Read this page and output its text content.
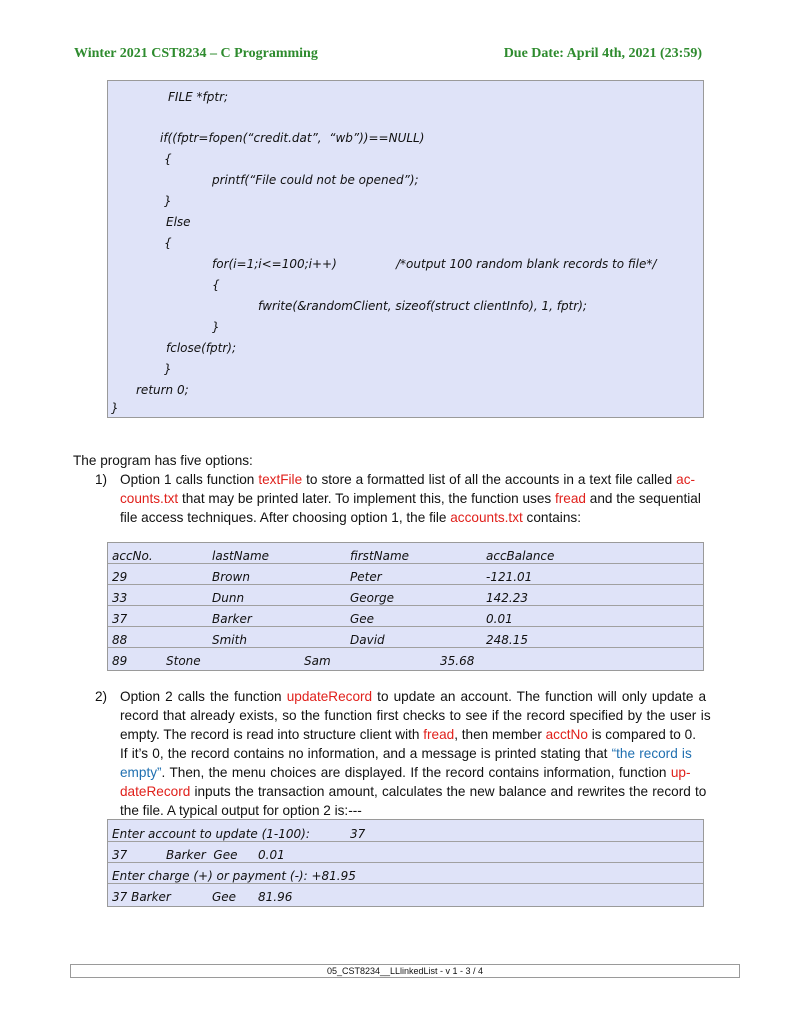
Winter 2021 CST8234 – C Programming	Due Date: April 4th, 2021 (23:59)
FILE *fptr;
if((fptr=fopen(“credit.dat”,  “wb”))==NULL)
{
printf(“File could not be opened”);
}
Else
{
for(i=1;i<=100;i++)	/*output 100 random blank records to file*/
{
fwrite(&randomClient, sizeof(struct clientInfo), 1, fptr);
}
fclose(fptr);
}
return 0;
}
The program has five options:
1) Option 1 calls function textFile to store a formatted list of all the accounts in a text file called ac-
counts.txt that may be printed later. To implement this, the function uses fread and the sequential
file access techniques. After choosing option 1, the file accounts.txt contains:
accNo.	lastName	firstName	accBalance
29	Brown	Peter	-121.01
33	Dunn	George	142.23
37	Barker	Gee	0.01
88	Smith	David	248.15
89	Stone	Sam	35.68
2) Option 2 calls the function updateRecord to update an account. The function will only update a
record that already exists, so the function first checks to see if the record specified by the user is
empty. The record is read into structure client with fread, then member acctNo is compared to 0.
If it’s 0, the record contains no information, and a message is printed stating that “the record is
empty”. Then, the menu choices are displayed. If the record contains information, function up-
dateRecord inputs the transaction amount, calculates the new balance and rewrites the record to
the file. A typical output for option 2 is:---
Enter account to update (1-100):	37
37	Barker  Gee 0.01
Enter charge (+) or payment (-): +81.95
37 Barker	Gee 81.96
05_CST8234__LLlinkedList - v 1 - 3 / 4
